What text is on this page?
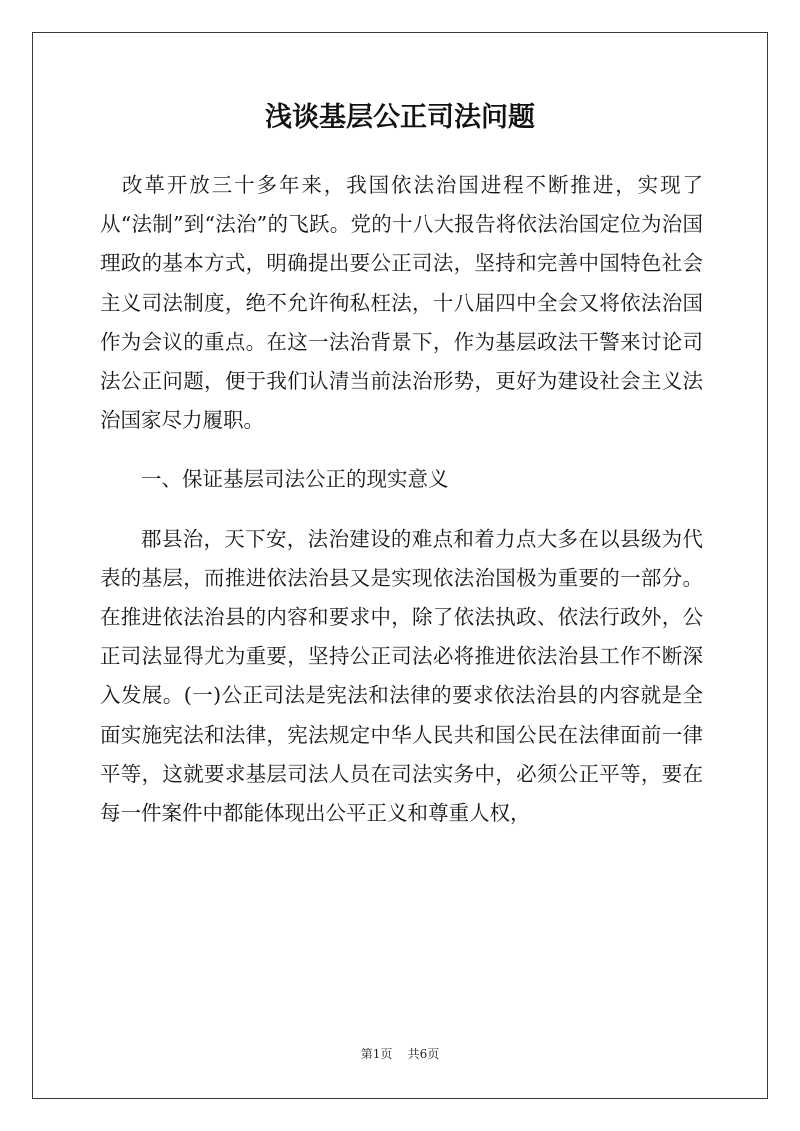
浅谈基层公正司法问题

改革开放三十多年来，我国依法治国进程不断推进，实现了从“法制”到“法治”的飞跃。党的十八大报告将依法治国定位为治国理政的基本方式，明确提出要公正司法，坚持和完善中国特色社会主义司法制度，绝不允许徇私枉法，十八届四中全会又将依法治国作为会议的重点。在这一法治背景下，作为基层政法干警来讨论司法公正问题，便于我们认清当前法治形势，更好为建设社会主义法治国家尽力履职。

一、保证基层司法公正的现实意义

郡县治，天下安，法治建设的难点和着力点大多在以县级为代表的基层，而推进依法治县又是实现依法治国极为重要的一部分。在推进依法治县的内容和要求中，除了依法执政、依法行政外，公正司法显得尤为重要，坚持公正司法必将推进依法治县工作不断深入发展。(一)公正司法是宪法和法律的要求依法治县的内容就是全面实施宪法和法律，宪法规定中华人民共和国公民在法律面前一律平等，这就要求基层司法人员在司法实务中，必须公正平等，要在每一件案件中都能体现出公平正义和尊重人权，

第1页    共6页
